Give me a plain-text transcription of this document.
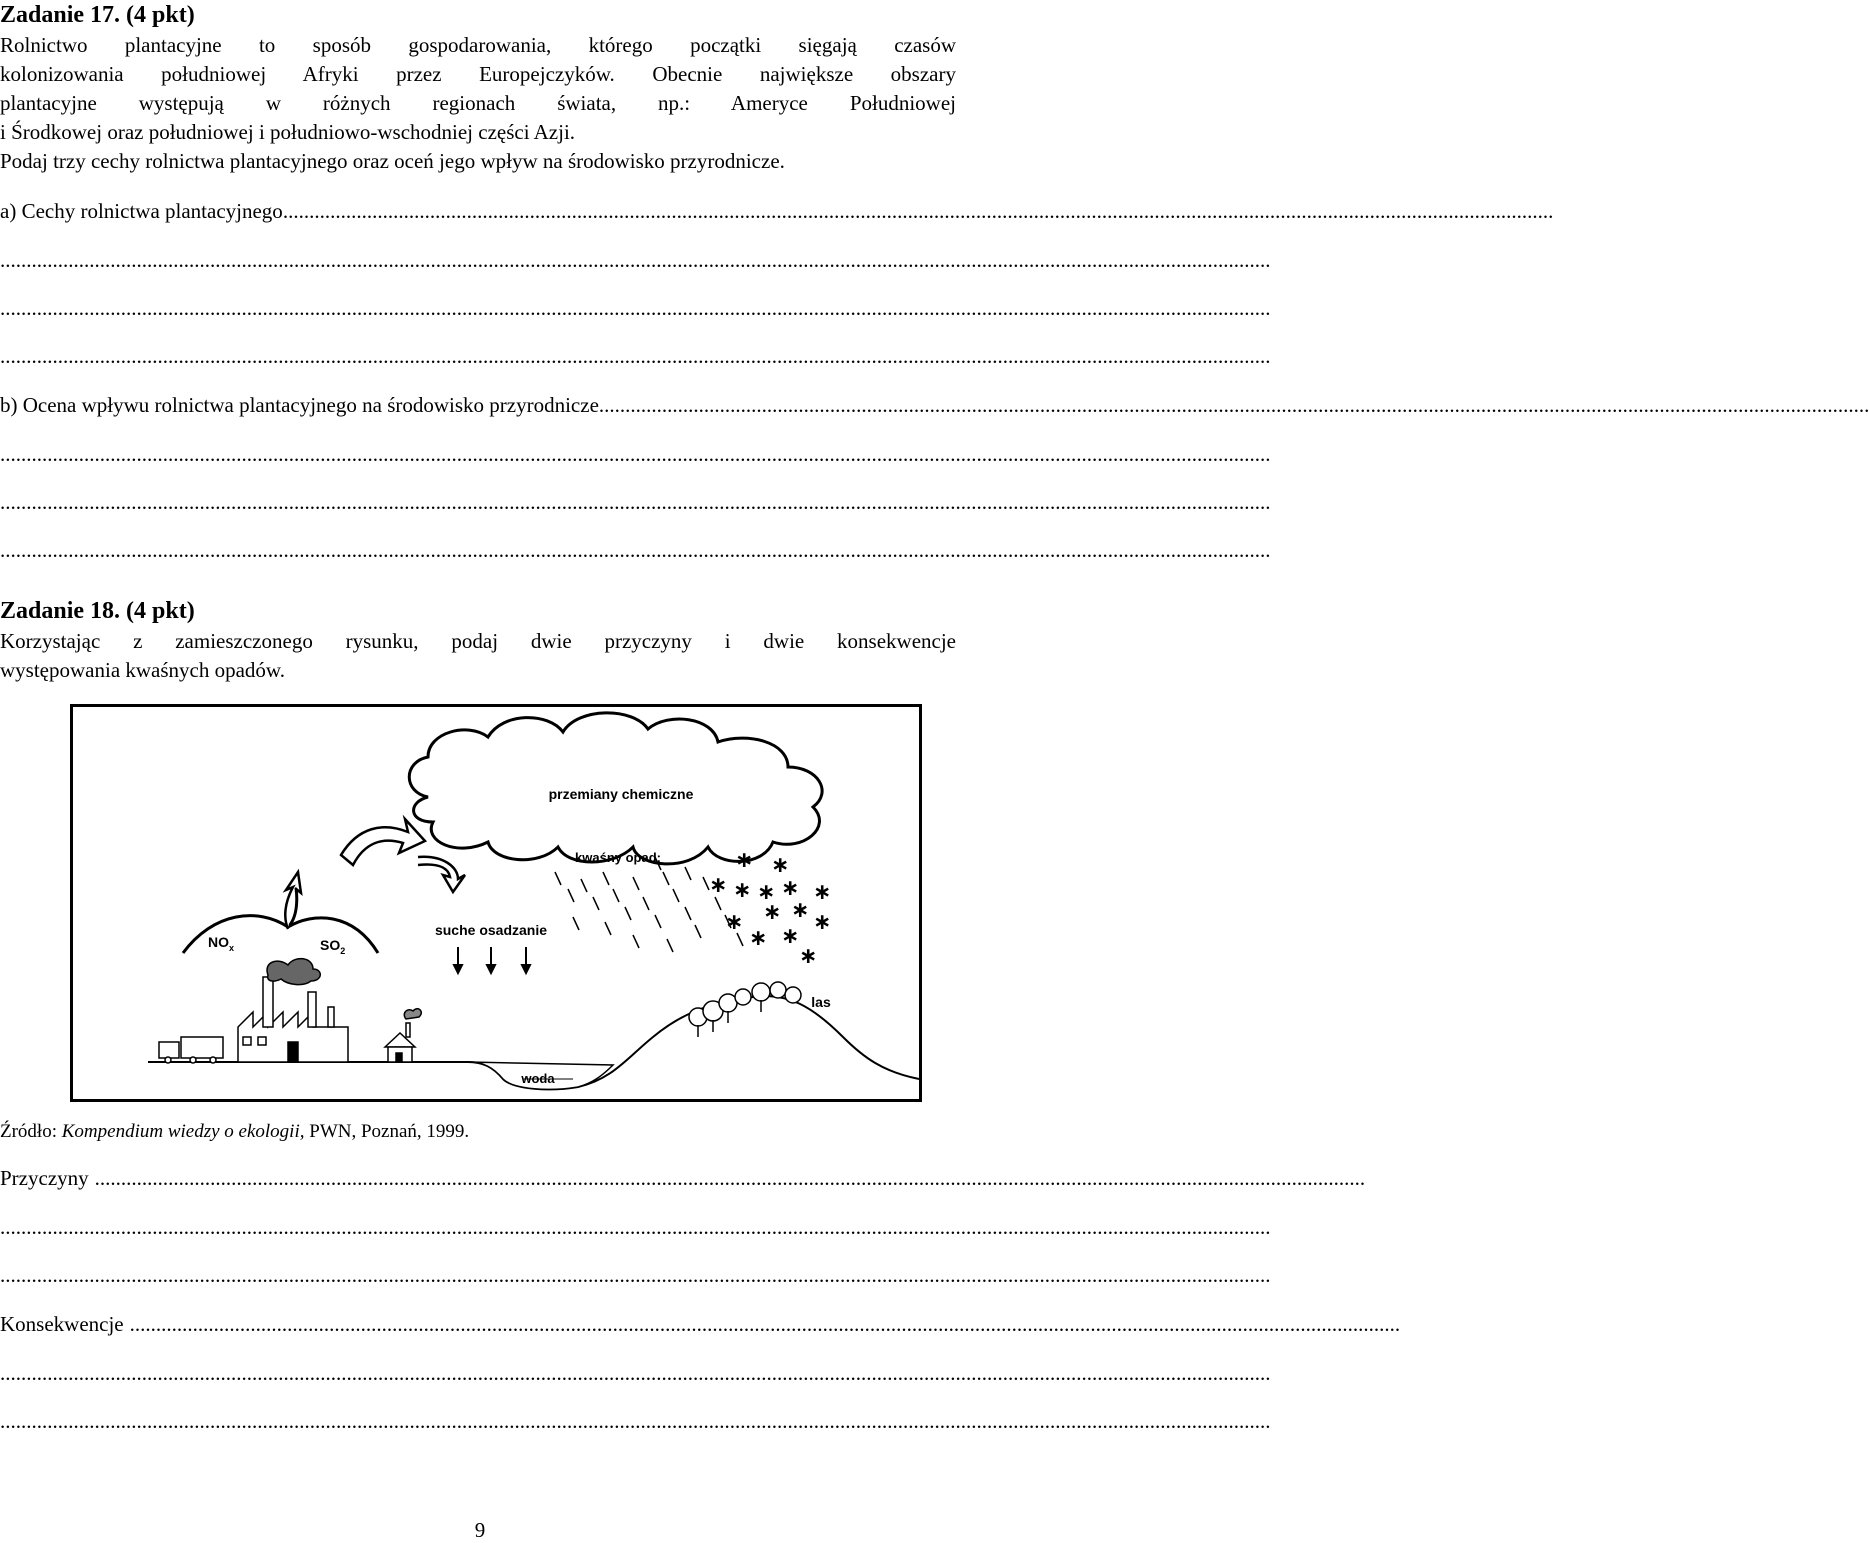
Zadanie 17. (4 pkt)
Rolnictwo plantacyjne to sposób gospodarowania, którego początki sięgają czasów
kolonizowania południowej Afryki przez Europejczyków. Obecnie największe obszary
plantacyjne występują w różnych regionach świata, np.: Ameryce Południowej
i Środkowej oraz południowej i południowo-wschodniej części Azji.
Podaj trzy cechy rolnictwa plantacyjnego oraz oceń jego wpływ na środowisko przyrodnicze.
a) Cechy rolnictwa plantacyjnego ..................................................................................................................................................................................................................................................
..................................................................................................................................................................................................................................................
..................................................................................................................................................................................................................................................
..................................................................................................................................................................................................................................................
b) Ocena wpływu rolnictwa plantacyjnego na środowisko przyrodnicze ..................................................................................................................................................................................................................................................
..................................................................................................................................................................................................................................................
..................................................................................................................................................................................................................................................
..................................................................................................................................................................................................................................................
Zadanie 18. (4 pkt)
Korzystając z zamieszczonego rysunku, podaj dwie przyczyny i dwie konsekwencje
występowania kwaśnych opadów.
przemiany chemiczne
$NO_x$	$SO_2$
suche osadzanie
kwaśny opad:	∗ ∗
∗ ∗ ∗ ∗ ∗
∗ ∗
∗	∗
∗ ∗
∗
woda
las
Źródło: Kompendium wiedzy o ekologii, PWN, Poznań, 1999.
Przyczyny ..................................................................................................................................................................................................................................................
..................................................................................................................................................................................................................................................
..................................................................................................................................................................................................................................................
Konsekwencje ..................................................................................................................................................................................................................................................
..................................................................................................................................................................................................................................................
..................................................................................................................................................................................................................................................
9
